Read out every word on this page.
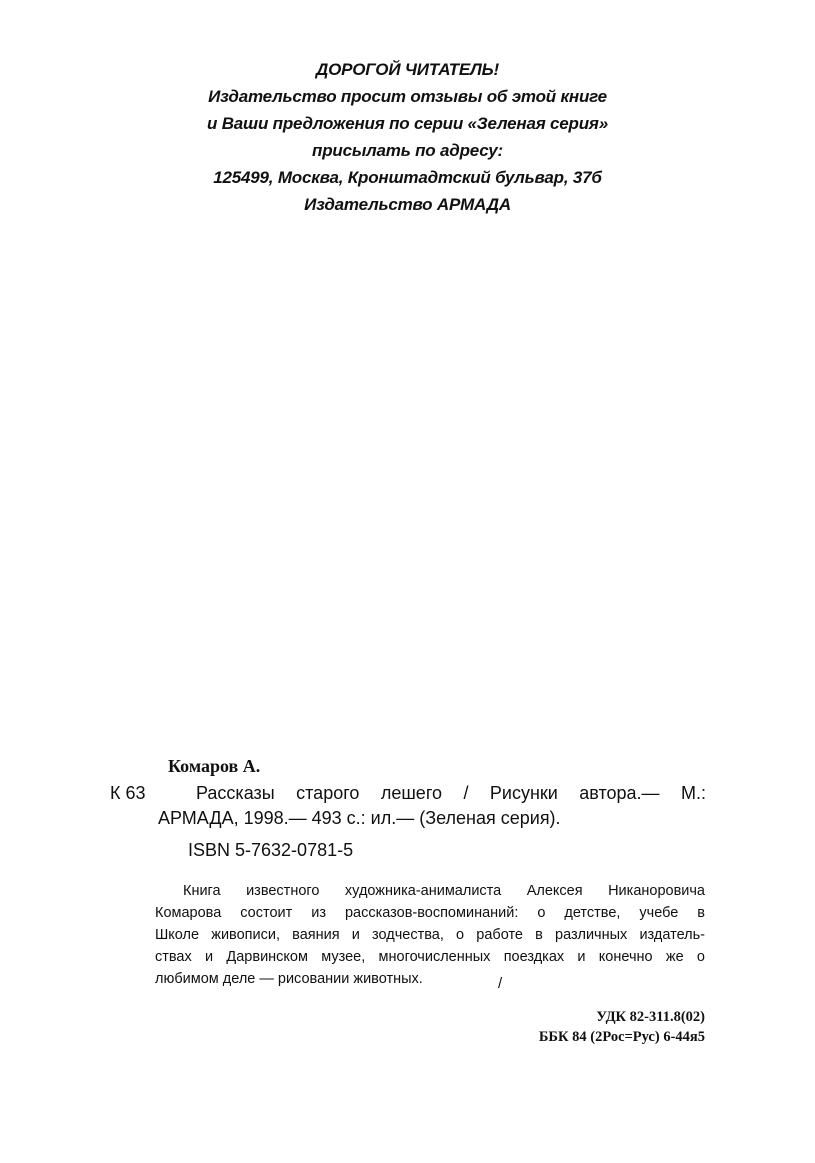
ДОРОГОЙ ЧИТАТЕЛЬ!
Издательство просит отзывы об этой книге
и Ваши предложения по серии «Зеленая серия»
присылать по адресу:
125499, Москва, Кронштадтский бульвар, 37б
Издательство АРМАДА
Комаров А.
К 63	Рассказы старого лешего / Рисунки автора.— М.:
АРМАДА, 1998.— 493 с.: ил.— (Зеленая серия).
ISBN 5-7632-0781-5
Книга известного художника-анималиста Алексея Никаноровича
Комарова состоит из рассказов-воспоминаний: о детстве, учебе в
Школе живописи, ваяния и зодчества, о работе в различных издатель-
ствах и Дарвинском музее, многочисленных поездках и конечно же о
любимом деле — рисовании животных.	/
УДК 82-311.8(02)
ББК 84 (2Рос=Рус) 6-44я5
